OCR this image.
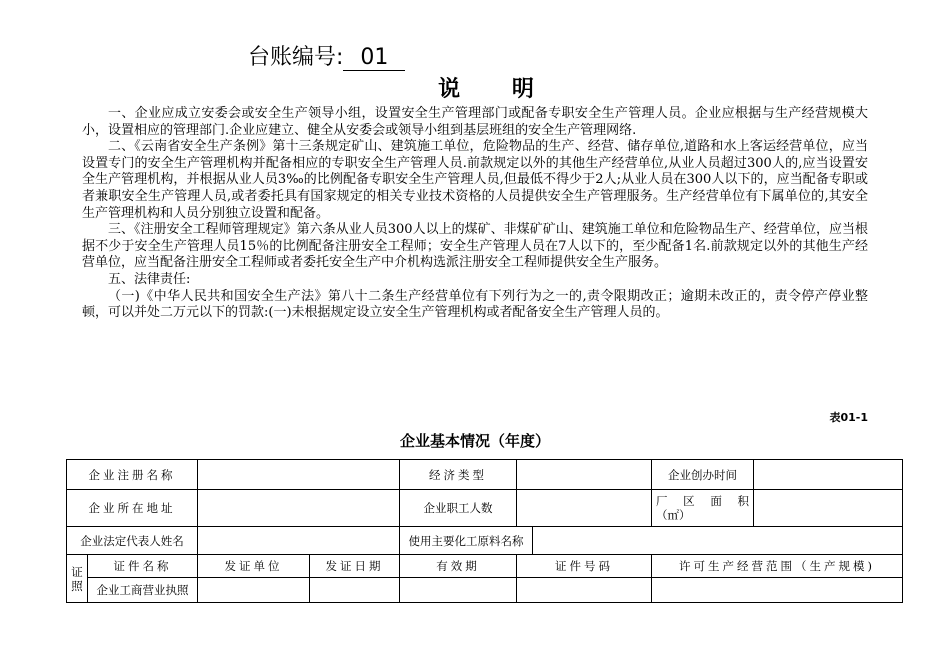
台账编号: 01
说 明

一、企业应成立安委会或安全生产领导小组，设置安全生产管理部门或配备专职安全生产管理人员。企业应根据与生产经营规模大小，设置相应的管理部门.企业应建立、健全从安委会或领导小组到基层班组的安全生产管理网络.

二、《云南省安全生产条例》第十三条规定矿山、建筑施工单位，危险物品的生产、经营、储存单位,道路和水上客运经营单位，应当设置专门的安全生产管理机构并配备相应的专职安全生产管理人员.前款规定以外的其他生产经营单位,从业人员超过300人的,应当设置安全生产管理机构，并根据从业人员3‰的比例配备专职安全生产管理人员,但最低不得少于2人;从业人员在300人以下的，应当配备专职或者兼职安全生产管理人员,或者委托具有国家规定的相关专业技术资格的人员提供安全生产管理服务。生产经营单位有下属单位的,其安全生产管理机构和人员分别独立设置和配备。

三、《注册安全工程师管理规定》第六条从业人员300人以上的煤矿、非煤矿矿山、建筑施工单位和危险物品生产、经营单位，应当根据不少于安全生产管理人员15％的比例配备注册安全工程师；安全生产管理人员在7人以下的，至少配备1名.前款规定以外的其他生产经营单位，应当配备注册安全工程师或者委托安全生产中介机构选派注册安全工程师提供安全生产服务。

五、法律责任:

（一)《中华人民共和国安全生产法》第八十二条生产经营单位有下列行为之一的,责令限期改正；逾期未改正的，责令停产停业整顿，可以并处二万元以下的罚款:(一)未根据规定设立安全生产管理机构或者配备安全生产管理人员的。

表01-1
企业基本情况（年度）
企业注册名称				经济类型			企业创办时间	
企业所在地址				企业职工人数			厂区面积
（㎡）	

企业法定代表人姓名				使用主要化工原料名称				
证照	证件名称	发证单位	发证日期	有效期	证件号码		许可生产经营范围（生产规模)	
	企业工商营业执照							
